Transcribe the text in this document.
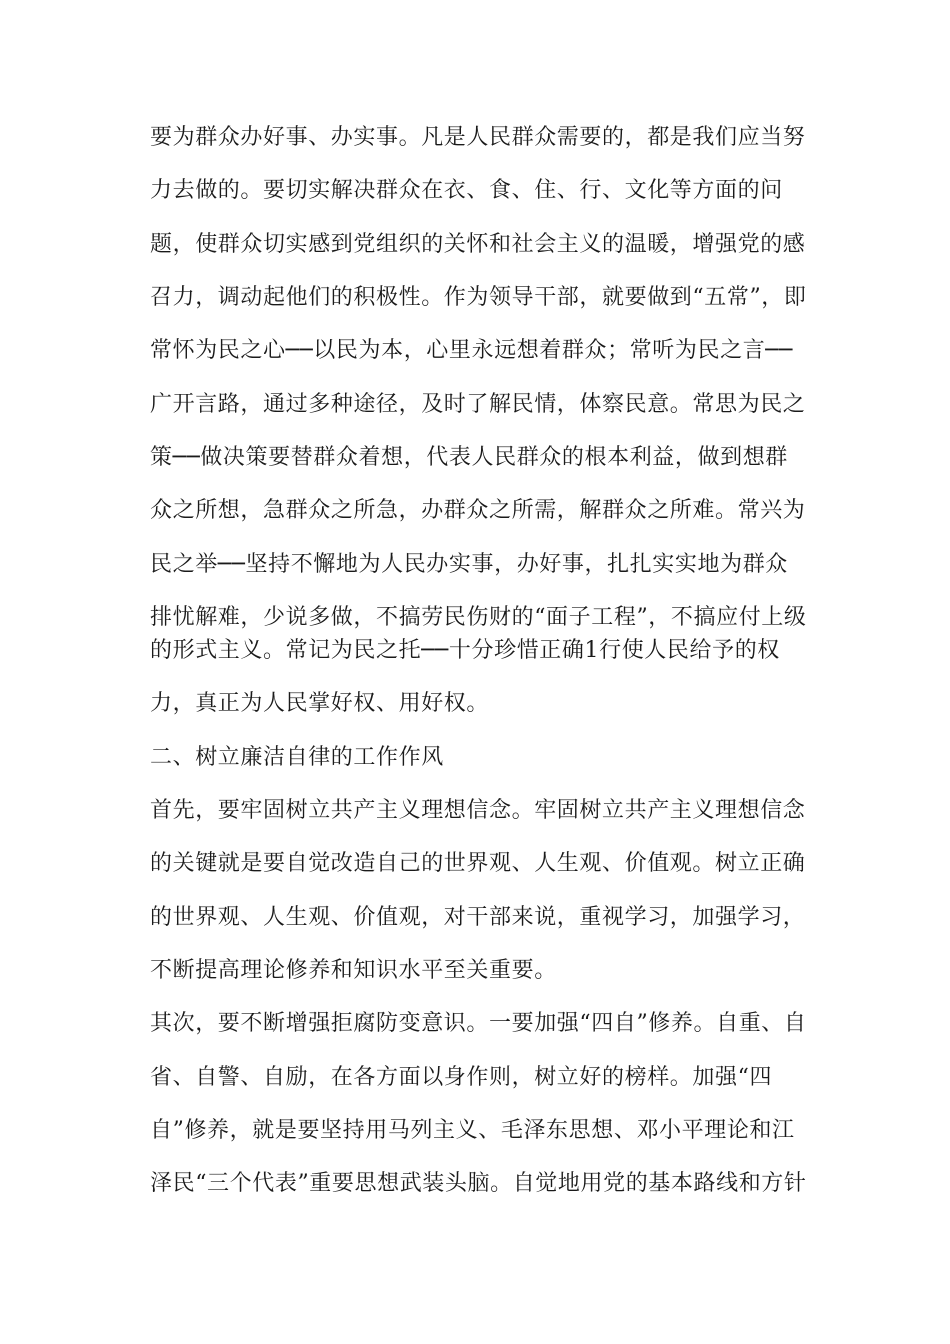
要为群众办好事、办实事。凡是人民群众需要的，都是我们应当努
力去做的。要切实解决群众在衣、食、住、行、文化等方面的问
题，使群众切实感到党组织的关怀和社会主义的温暖，增强党的感
召力，调动起他们的积极性。作为领导干部，就要做到“五常”，即
常怀为民之心──以民为本，心里永远想着群众；常听为民之言──
广开言路，通过多种途径，及时了解民情，体察民意。常思为民之
策──做决策要替群众着想，代表人民群众的根本利益，做到想群
众之所想，急群众之所急，办群众之所需，解群众之所难。常兴为
民之举──坚持不懈地为人民办实事，办好事，扎扎实实地为群众
排忧解难，少说多做，不搞劳民伤财的“面子工程”，不搞应付上级
的形式主义。常记为民之托──十分珍惜正确1行使人民给予的权
力，真正为人民掌好权、用好权。
二、树立廉洁自律的工作作风
首先，要牢固树立共产主义理想信念。牢固树立共产主义理想信念
的关键就是要自觉改造自己的世界观、人生观、价值观。树立正确
的世界观、人生观、价值观，对干部来说，重视学习，加强学习，
不断提高理论修养和知识水平至关重要。
其次，要不断增强拒腐防变意识。一要加强“四自”修养。自重、自
省、自警、自励，在各方面以身作则，树立好的榜样。加强“四
自”修养，就是要坚持用马列主义、毛泽东思想、邓小平理论和江
泽民“三个代表”重要思想武装头脑。自觉地用党的基本路线和方针
